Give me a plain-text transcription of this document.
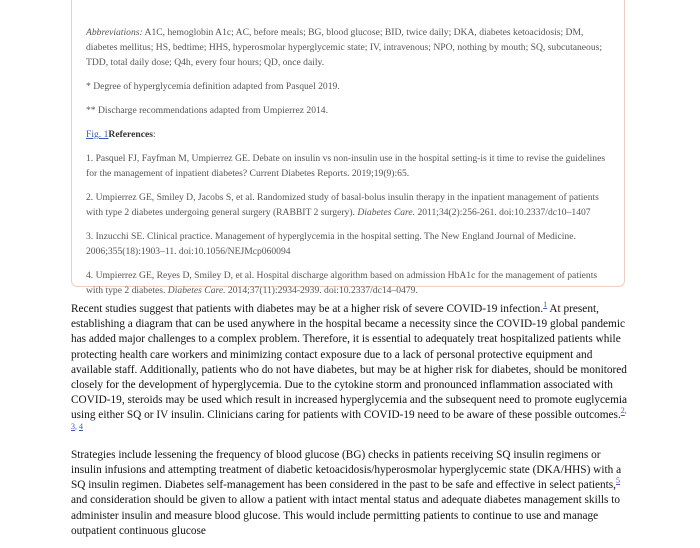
Abbreviations: A1C, hemoglobin A1c; AC, before meals; BG, blood glucose; BID, twice daily; DKA, diabetes ketoacidosis; DM, diabetes mellitus; HS, bedtime; HHS, hyperosmolar hyperglycemic state; IV, intravenous; NPO, nothing by mouth; SQ, subcutaneous; TDD, total daily dose; Q4h, every four hours; QD, once daily.

* Degree of hyperglycemia definition adapted from Pasquel 2019.

** Discharge recommendations adapted from Umpierrez 2014.

Fig. 1References:

1. Pasquel FJ, Fayfman M, Umpierrez GE. Debate on insulin vs non-insulin use in the hospital setting-is it time to revise the guidelines for the management of inpatient diabetes? Current Diabetes Reports. 2019;19(9):65.

2. Umpierrez GE, Smiley D, Jacobs S, et al. Randomized study of basal-bolus insulin therapy in the inpatient management of patients with type 2 diabetes undergoing general surgery (RABBIT 2 surgery). Diabetes Care. 2011;34(2):256-261. doi:10.2337/dc10–1407

3. Inzucchi SE. Clinical practice. Management of hyperglycemia in the hospital setting. The New England Journal of Medicine. 2006;355(18):1903–11. doi:10.1056/NEJMcp060094

4. Umpierrez GE, Reyes D, Smiley D, et al. Hospital discharge algorithm based on admission HbA1c for the management of patients with type 2 diabetes. Diabetes Care. 2014;37(11):2934-2939. doi:10.2337/dc14–0479.

Recent studies suggest that patients with diabetes may be at a higher risk of severe COVID-19 infection.$^1$ At present, establishing a diagram that can be used anywhere in the hospital became a necessity since the COVID-19 global pandemic has added major challenges to a complex problem. Therefore, it is essential to adequately treat hospitalized patients while protecting health care workers and minimizing contact exposure due to a lack of personal protective equipment and available staff. Additionally, patients who do not have diabetes, but may be at higher risk for diabetes, should be monitored closely for the development of hyperglycemia. Due to the cytokine storm and pronounced inflammation associated with COVID-19, steroids may be used which result in increased hyperglycemia and the subsequent need to promote euglycemia using either SQ or IV insulin. Clinicians caring for patients with COVID-19 need to be aware of these possible outcomes.$^{2,}$ $^{3,}$ $^4$

Strategies include lessening the frequency of blood glucose (BG) checks in patients receiving SQ insulin regimens or insulin infusions and attempting treatment of diabetic ketoacidosis/hyperosmolar hyperglycemic state (DKA/HHS) with a SQ insulin regimen. Diabetes self-management has been considered in the past to be safe and effective in select patients,$^5$ and consideration should be given to allow a patient with intact mental status and adequate diabetes management skills to administer insulin and measure blood glucose. This would include permitting patients to continue to use and manage outpatient continuous glucose
